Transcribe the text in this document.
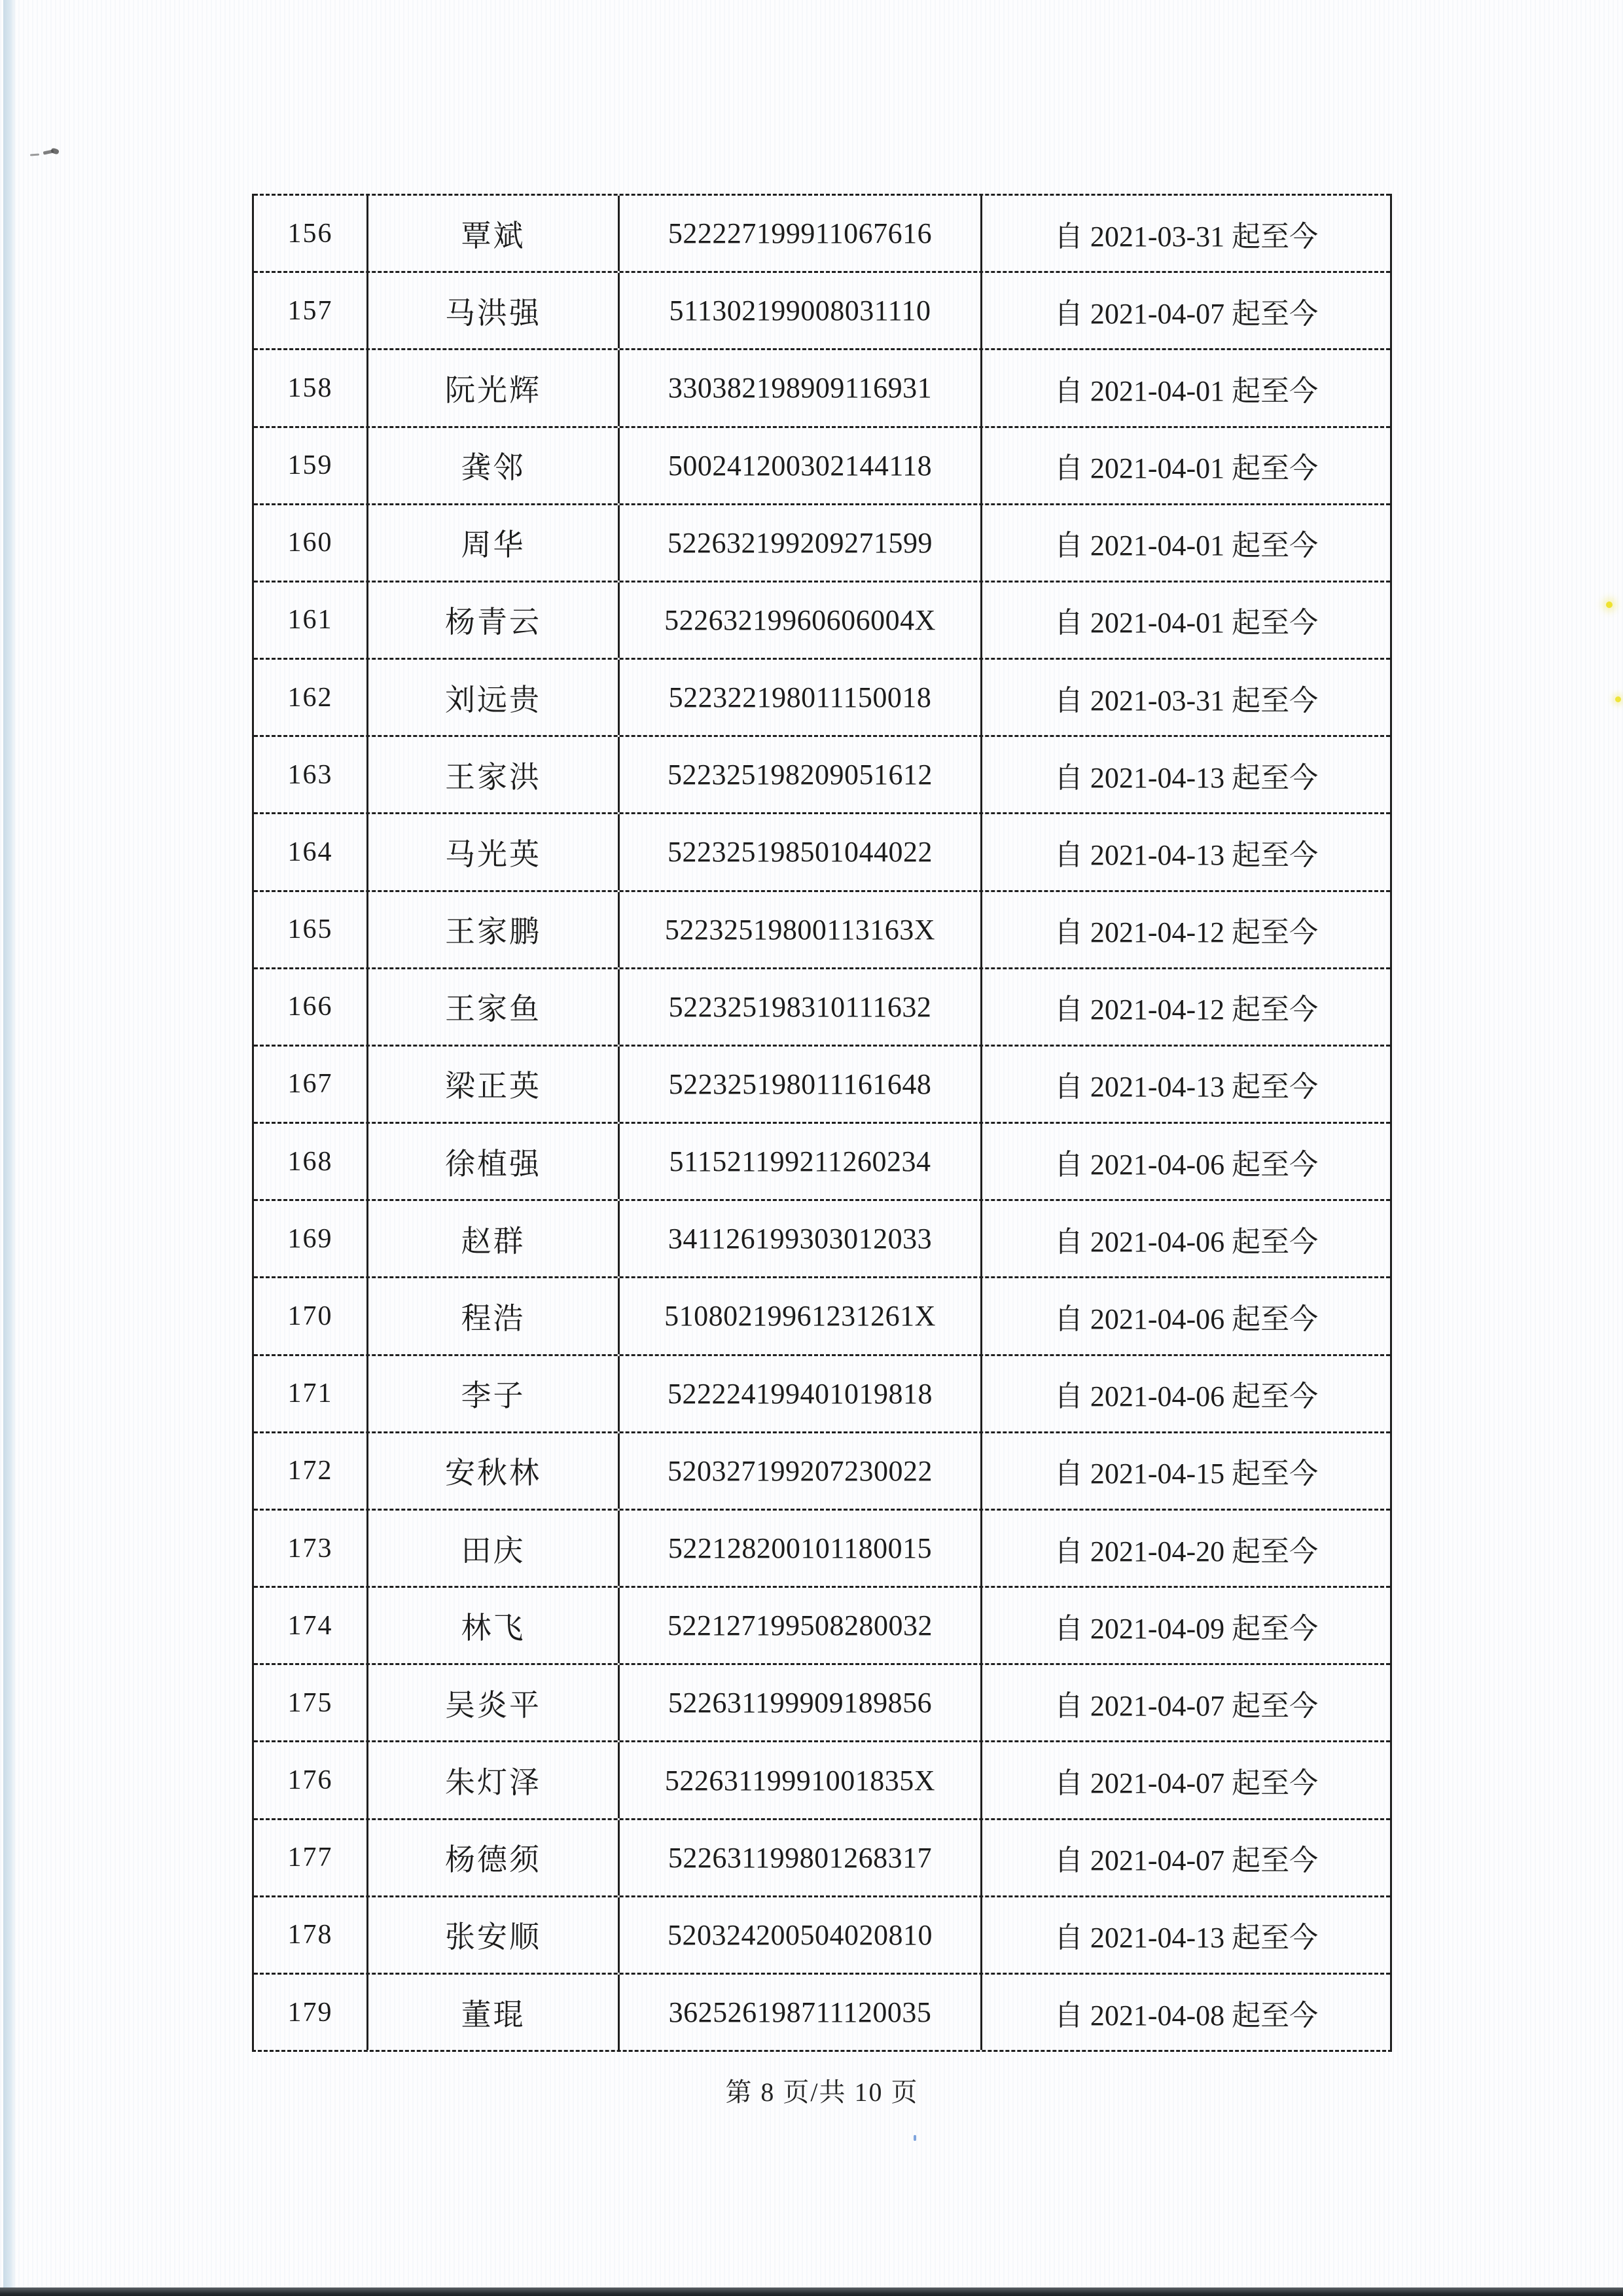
156	覃斌	522227199911067616	自 2021-03-31 起至今
157	马洪强	511302199008031110	自 2021-04-07 起至今
158	阮光辉	330382198909116931	自 2021-04-01 起至今
159	龚邻	500241200302144118	自 2021-04-01 起至今
160	周华	522632199209271599	自 2021-04-01 起至今
161	杨青云	52263219960606004X	自 2021-04-01 起至今
162	刘远贵	522322198011150018	自 2021-03-31 起至今
163	王家洪	522325198209051612	自 2021-04-13 起至今
164	马光英	522325198501044022	自 2021-04-13 起至今
165	王家鹏	52232519800113163X	自 2021-04-12 起至今
166	王家鱼	522325198310111632	自 2021-04-12 起至今
167	梁正英	522325198011161648	自 2021-04-13 起至今
168	徐植强	511521199211260234	自 2021-04-06 起至今
169	赵群	341126199303012033	自 2021-04-06 起至今
170	程浩	51080219961231261X	自 2021-04-06 起至今
171	李子	522224199401019818	自 2021-04-06 起至今
172	安秋林	520327199207230022	自 2021-04-15 起至今
173	田庆	522128200101180015	自 2021-04-20 起至今
174	林飞	522127199508280032	自 2021-04-09 起至今
175	吴炎平	522631199909189856	自 2021-04-07 起至今
176	朱灯泽	52263119991001835X	自 2021-04-07 起至今
177	杨德须	522631199801268317	自 2021-04-07 起至今
178	张安顺	520324200504020810	自 2021-04-13 起至今
179	董琨	362526198711120035	自 2021-04-08 起至今
第 8 页/共 10 页
